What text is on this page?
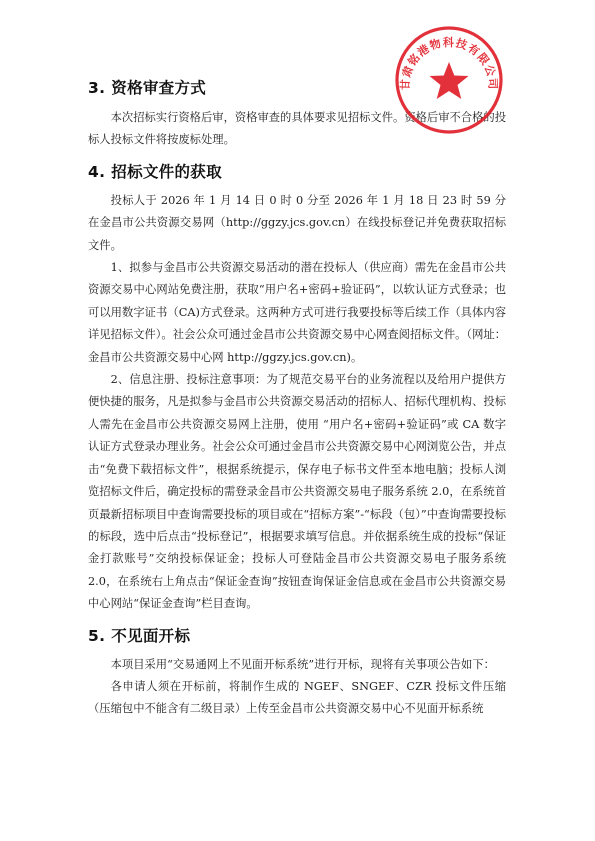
3. 资格审查方式

本次招标实行资格后审，资格审查的具体要求见招标文件。资格后审不合格的投标人投标文件将按废标处理。

4. 招标文件的获取

投标人于 2026 年 1 月 14 日 0 时 0 分至 2026 年 1 月 18 日 23 时 59 分在金昌市公共资源交易网（http://ggzy.jcs.gov.cn）在线投标登记并免费获取招标文件。

1、拟参与金昌市公共资源交易活动的潜在投标人（供应商）需先在金昌市公共资源交易中心网站免费注册，获取“用户名+密码+验证码”，以软认证方式登录；也可以用数字证书（CA)方式登录。这两种方式可进行我要投标等后续工作（具体内容详见招标文件）。社会公众可通过金昌市公共资源交易中心网查阅招标文件。（网址：金昌市公共资源交易中心网 http://ggzy.jcs.gov.cn)。

2、信息注册、投标注意事项：为了规范交易平台的业务流程以及给用户提供方便快捷的服务，凡是拟参与金昌市公共资源交易活动的招标人、招标代理机构、投标人需先在金昌市公共资源交易网上注册，使用 “用户名+密码+验证码”或 CA 数字认证方式登录办理业务。社会公众可通过金昌市公共资源交易中心网浏览公告，并点击“免费下载招标文件”，根据系统提示，保存电子标书文件至本地电脑；投标人浏览招标文件后，确定投标的需登录金昌市公共资源交易电子服务系统 2.0，在系统首页最新招标项目中查询需要投标的项目或在“招标方案”-“标段（包）”中查询需要投标的标段，选中后点击“投标登记”，根据要求填写信息。并依据系统生成的投标“保证金打款账号”交纳投标保证金；投标人可登陆金昌市公共资源交易电子服务系统 2.0，在系统右上角点击“保证金查询”按钮查询保证金信息或在金昌市公共资源交易中心网站“保证金查询”栏目查询。

5. 不见面开标

本项目采用“交易通网上不见面开标系统”进行开标，现将有关事项公告如下：

各申请人须在开标前，将制作生成的 NGEF、SNGEF、CZR 投标文件压缩（压缩包中不能含有二级目录）上传至金昌市公共资源交易中心不见面开标系统

甘肃铭港物科技有限公司
